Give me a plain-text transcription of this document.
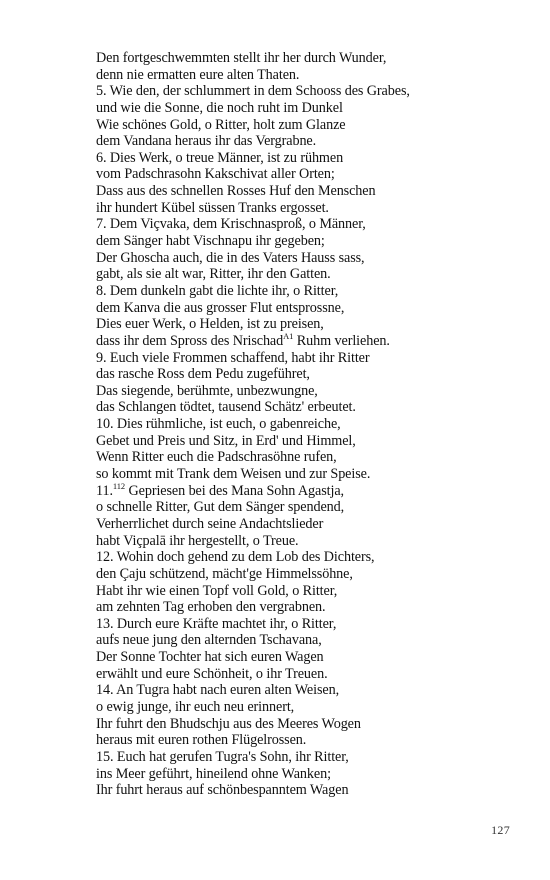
Den fortgeschwemmten stellt ihr her durch Wunder,
denn nie ermatten eure alten Thaten.
5. Wie den, der schlummert in dem Schooss des Grabes,
und wie die Sonne, die noch ruht im Dunkel
Wie schönes Gold, o Ritter, holt zum Glanze
dem Vandana heraus ihr das Vergrabne.
6. Dies Werk, o treue Männer, ist zu rühmen
vom Padschrasohn Kakschivat aller Orten;
Dass aus des schnellen Rosses Huf den Menschen
ihr hundert Kübel süssen Tranks ergosset.
7. Dem Viçvaka, dem Krischnasproß, o Männer,
dem Sänger habt Vischnapu ihr gegeben;
Der Ghoscha auch, die in des Vaters Hauss sass,
gabt, als sie alt war, Ritter, ihr den Gatten.
8. Dem dunkeln gabt die lichte ihr, o Ritter,
dem Kanva die aus grosser Flut entsprossne,
Dies euer Werk, o Helden, ist zu preisen,
dass ihr dem Spross des Nrischad$^{A1}$ Ruhm verliehen.
9. Euch viele Frommen schaffend, habt ihr Ritter
das rasche Ross dem Pedu zugeführet,
Das siegende, berühmte, unbezwungne,
das Schlangen tödtet, tausend Schätz' erbeutet.
10. Dies rühmliche, ist euch, o gabenreiche,
Gebet und Preis und Sitz, in Erd' und Himmel,
Wenn Ritter euch die Padschrasöhne rufen,
so kommt mit Trank dem Weisen und zur Speise.
11.$^{112}$ Gepriesen bei des Mana Sohn Agastja,
o schnelle Ritter, Gut dem Sänger spendend,
Verherrlichet durch seine Andachtslieder
habt Viçpalā ihr hergestellt, o Treue.
12. Wohin doch gehend zu dem Lob des Dichters,
den Çaju schützend, mächt'ge Himmelssöhne,
Habt ihr wie einen Topf voll Gold, o Ritter,
am zehnten Tag erhoben den vergrabnen.
13. Durch eure Kräfte machtet ihr, o Ritter,
aufs neue jung den alternden Tschavana,
Der Sonne Tochter hat sich euren Wagen
erwählt und eure Schönheit, o ihr Treuen.
14. An Tugra habt nach euren alten Weisen,
o ewig junge, ihr euch neu erinnert,
Ihr fuhrt den Bhudschju aus des Meeres Wogen
heraus mit euren rothen Flügelrossen.
15. Euch hat gerufen Tugra's Sohn, ihr Ritter,
ins Meer geführt, hineilend ohne Wanken;
Ihr fuhrt heraus auf schönbespanntem Wagen
127
